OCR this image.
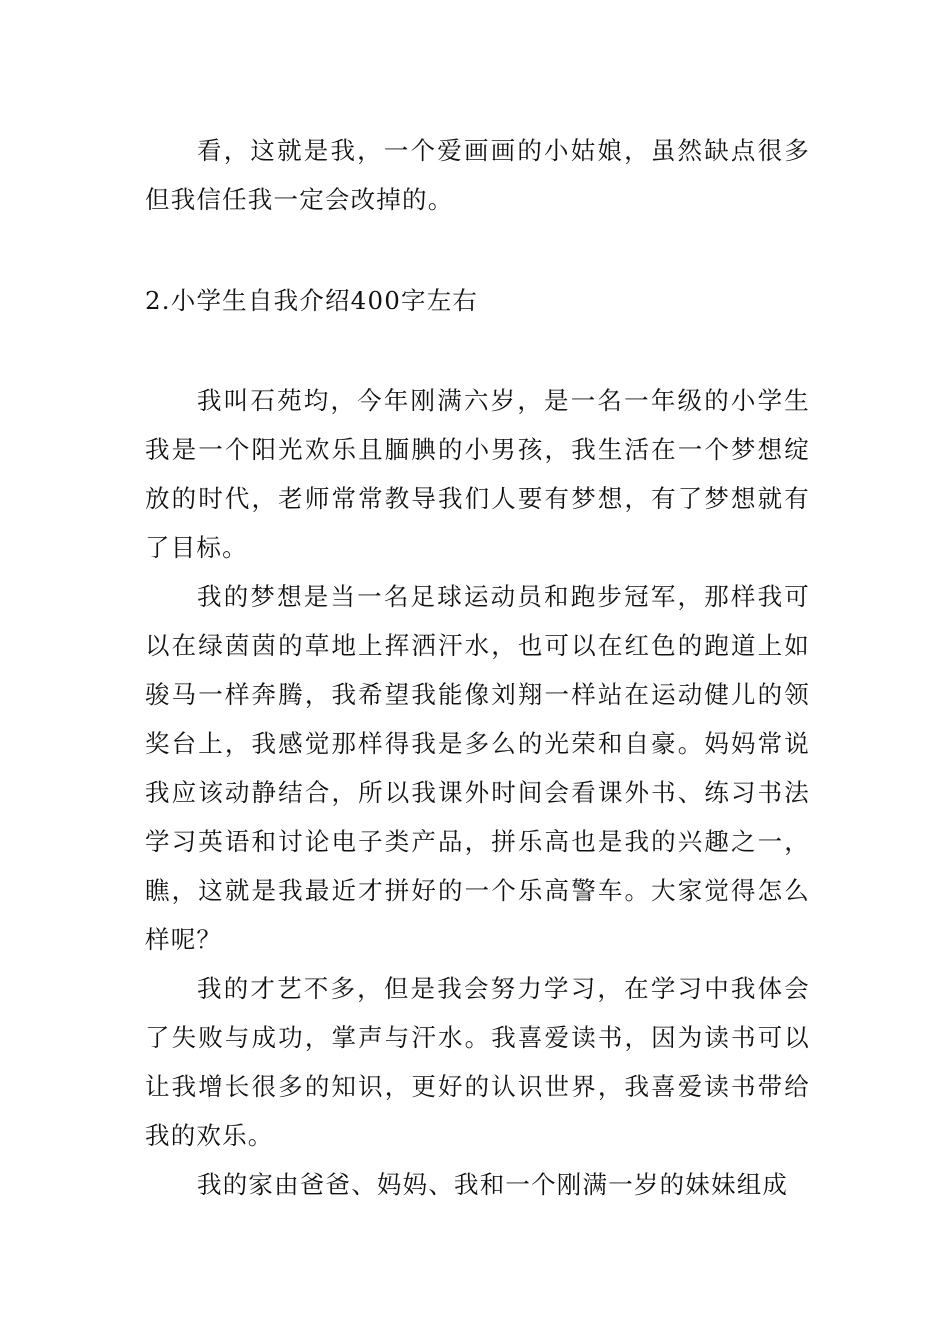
看，这就是我，一个爱画画的小姑娘，虽然缺点很多但我信任我一定会改掉的。

2.小学生自我介绍400字左右

我叫石苑均，今年刚满六岁，是一名一年级的小学生我是一个阳光欢乐且腼腆的小男孩，我生活在一个梦想绽放的时代，老师常常教导我们人要有梦想，有了梦想就有了目标。

我的梦想是当一名足球运动员和跑步冠军，那样我可以在绿茵茵的草地上挥洒汗水，也可以在红色的跑道上如骏马一样奔腾，我希望我能像刘翔一样站在运动健儿的领奖台上，我感觉那样得我是多么的光荣和自豪。妈妈常说我应该动静结合，所以我课外时间会看课外书、练习书法学习英语和讨论电子类产品，拼乐高也是我的兴趣之一，瞧，这就是我最近才拼好的一个乐高警车。大家觉得怎么样呢？

我的才艺不多，但是我会努力学习，在学习中我体会了失败与成功，掌声与汗水。我喜爱读书，因为读书可以让我增长很多的知识，更好的认识世界，我喜爱读书带给我的欢乐。

我的家由爸爸、妈妈、我和一个刚满一岁的妹妹组成
